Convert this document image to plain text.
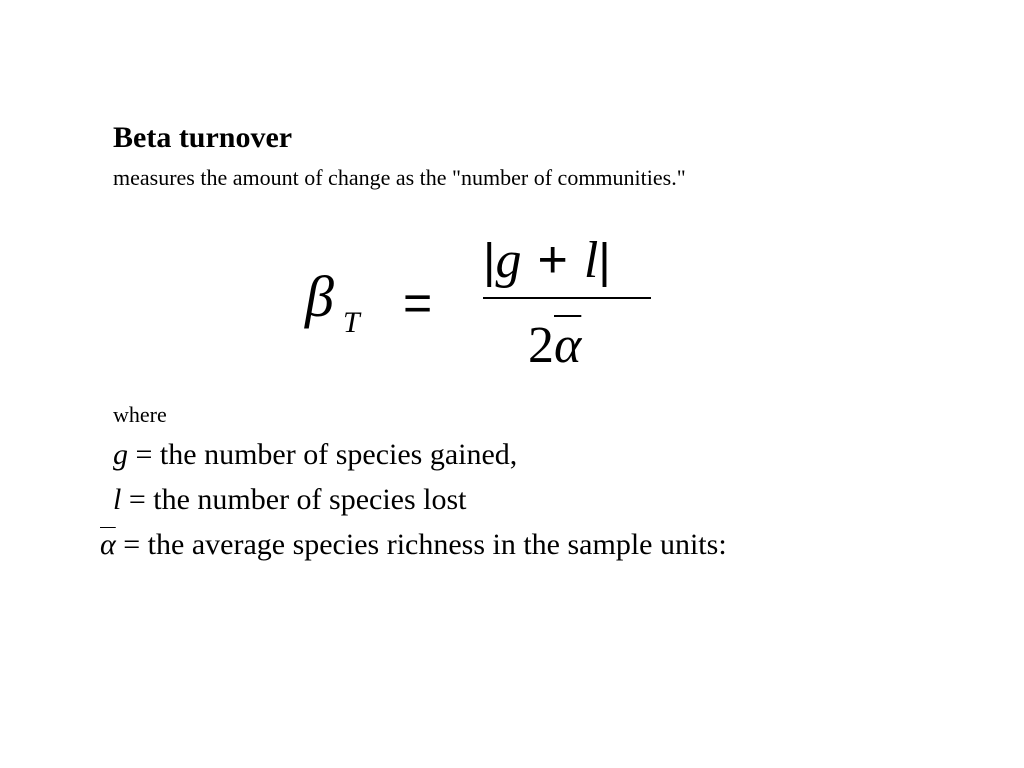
Beta turnover
measures the amount of change as the "number of communities."
β T =
|g + l|
$2\overline{\alpha}$
where
g = the number of species gained,
l = the number of species lost
$\overline{\alpha}$ = the average species richness in the sample units:
